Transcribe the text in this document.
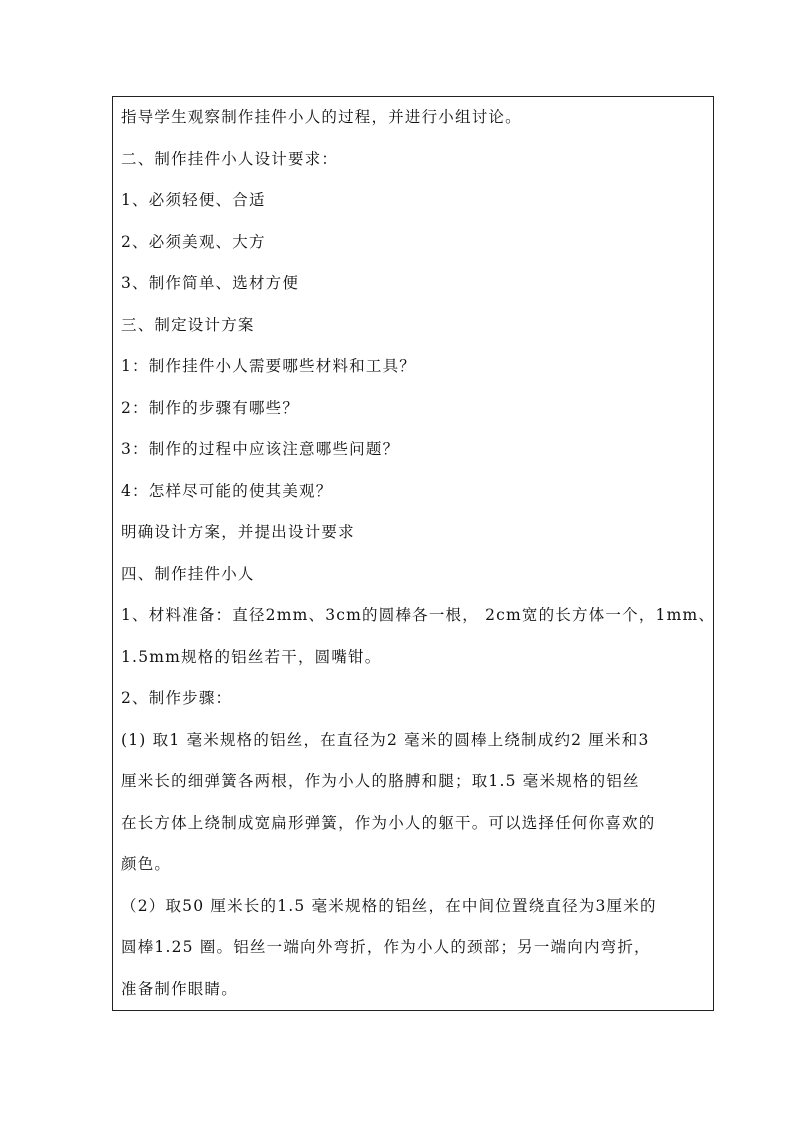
指导学生观察制作挂件小人的过程，并进行小组讨论。
二、制作挂件小人设计要求：
1、必须轻便、合适
2、必须美观、大方
3、制作简单、选材方便
三、制定设计方案
1：制作挂件小人需要哪些材料和工具？
2：制作的步骤有哪些？
3：制作的过程中应该注意哪些问题？
4：怎样尽可能的使其美观？
明确设计方案，并提出设计要求
四、制作挂件小人
1、材料准备：直径2mm、3cm的圆棒各一根， 2cm宽的长方体一个，1mm、
1.5mm规格的铝丝若干，圆嘴钳。
2、制作步骤：
(1) 取1 毫米规格的铝丝，在直径为2 毫米的圆棒上绕制成约2 厘米和3
厘米长的细弹簧各两根，作为小人的胳膊和腿；取1.5 毫米规格的铝丝
在长方体上绕制成宽扁形弹簧，作为小人的躯干。可以选择任何你喜欢的
颜色。
（2）取50 厘米长的1.5 毫米规格的铝丝，在中间位置绕直径为3厘米的
圆棒1.25 圈。铝丝一端向外弯折，作为小人的颈部；另一端向内弯折，
准备制作眼睛。
